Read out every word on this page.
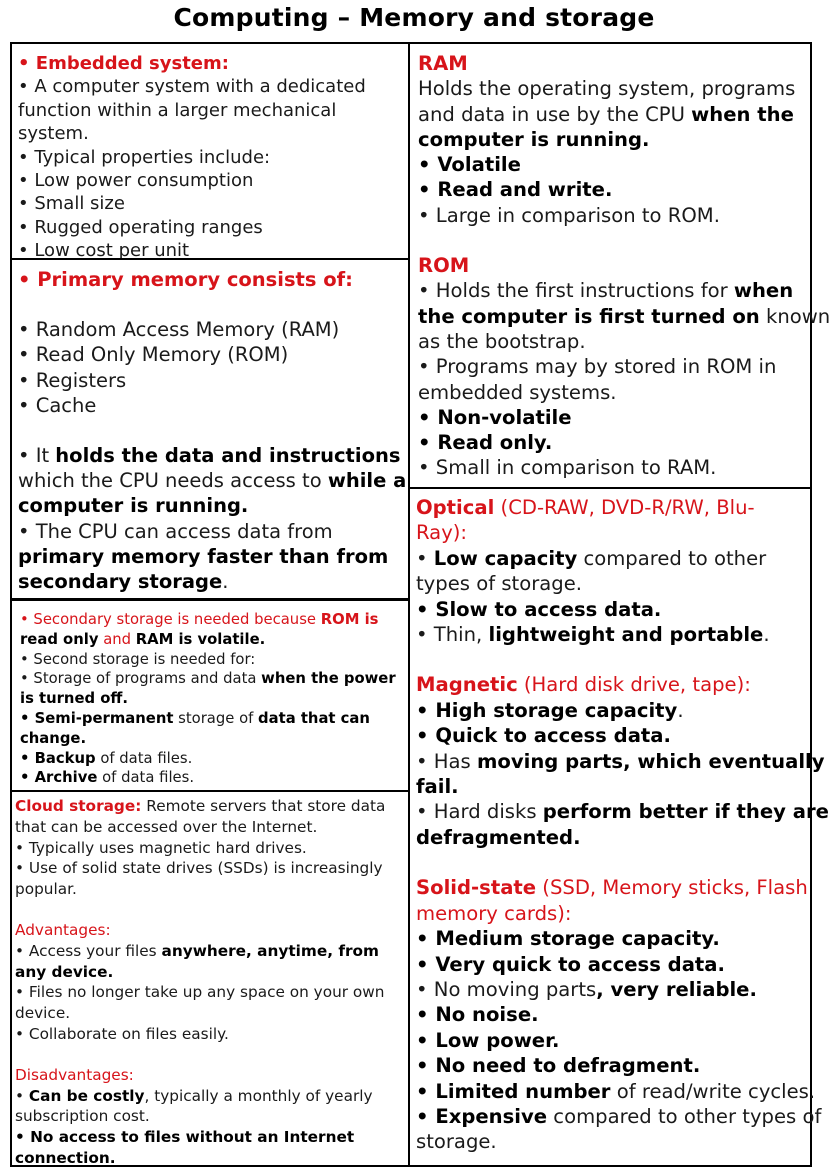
Computing – Memory and storage
• Embedded system:
• A computer system with a dedicated
function within a larger mechanical
system.
• Typical properties include:
• Low power consumption
• Small size
• Rugged operating ranges
• Low cost per unit
• Primary memory consists of:
• Random Access Memory (RAM)
• Read Only Memory (ROM)
• Registers
• Cache
• It holds the data and instructions
which the CPU needs access to while a
computer is running.
• The CPU can access data from
primary memory faster than from
secondary storage.
• Secondary storage is needed because ROM is
read only and RAM is volatile.
• Second storage is needed for:
• Storage of programs and data when the power
is turned off.
• Semi-permanent storage of data that can
change.
• Backup of data files.
• Archive of data files.
Cloud storage: Remote servers that store data
that can be accessed over the Internet.
• Typically uses magnetic hard drives.
• Use of solid state drives (SSDs) is increasingly
popular.
Advantages:
• Access your files anywhere, anytime, from
any device.
• Files no longer take up any space on your own
device.
• Collaborate on files easily.
Disadvantages:
• Can be costly, typically a monthly of yearly
subscription cost.
• No access to files without an Internet
connection.
RAM
Holds the operating system, programs
and data in use by the CPU when the
computer is running.
• Volatile
• Read and write.
• Large in comparison to ROM.
ROM
• Holds the first instructions for when
the computer is first turned on known
as the bootstrap.
• Programs may by stored in ROM in
embedded systems.
• Non-volatile
• Read only.
• Small in comparison to RAM.
Optical (CD-RAW, DVD-R/RW, Blu-
Ray):
• Low capacity compared to other
types of storage.
• Slow to access data.
• Thin, lightweight and portable.
Magnetic (Hard disk drive, tape):
• High storage capacity.
• Quick to access data.
• Has moving parts, which eventually
fail.
• Hard disks perform better if they are
defragmented.
Solid-state (SSD, Memory sticks, Flash
memory cards):
• Medium storage capacity.
• Very quick to access data.
• No moving parts, very reliable.
• No noise.
• Low power.
• No need to defragment.
• Limited number of read/write cycles.
• Expensive compared to other types of
storage.
